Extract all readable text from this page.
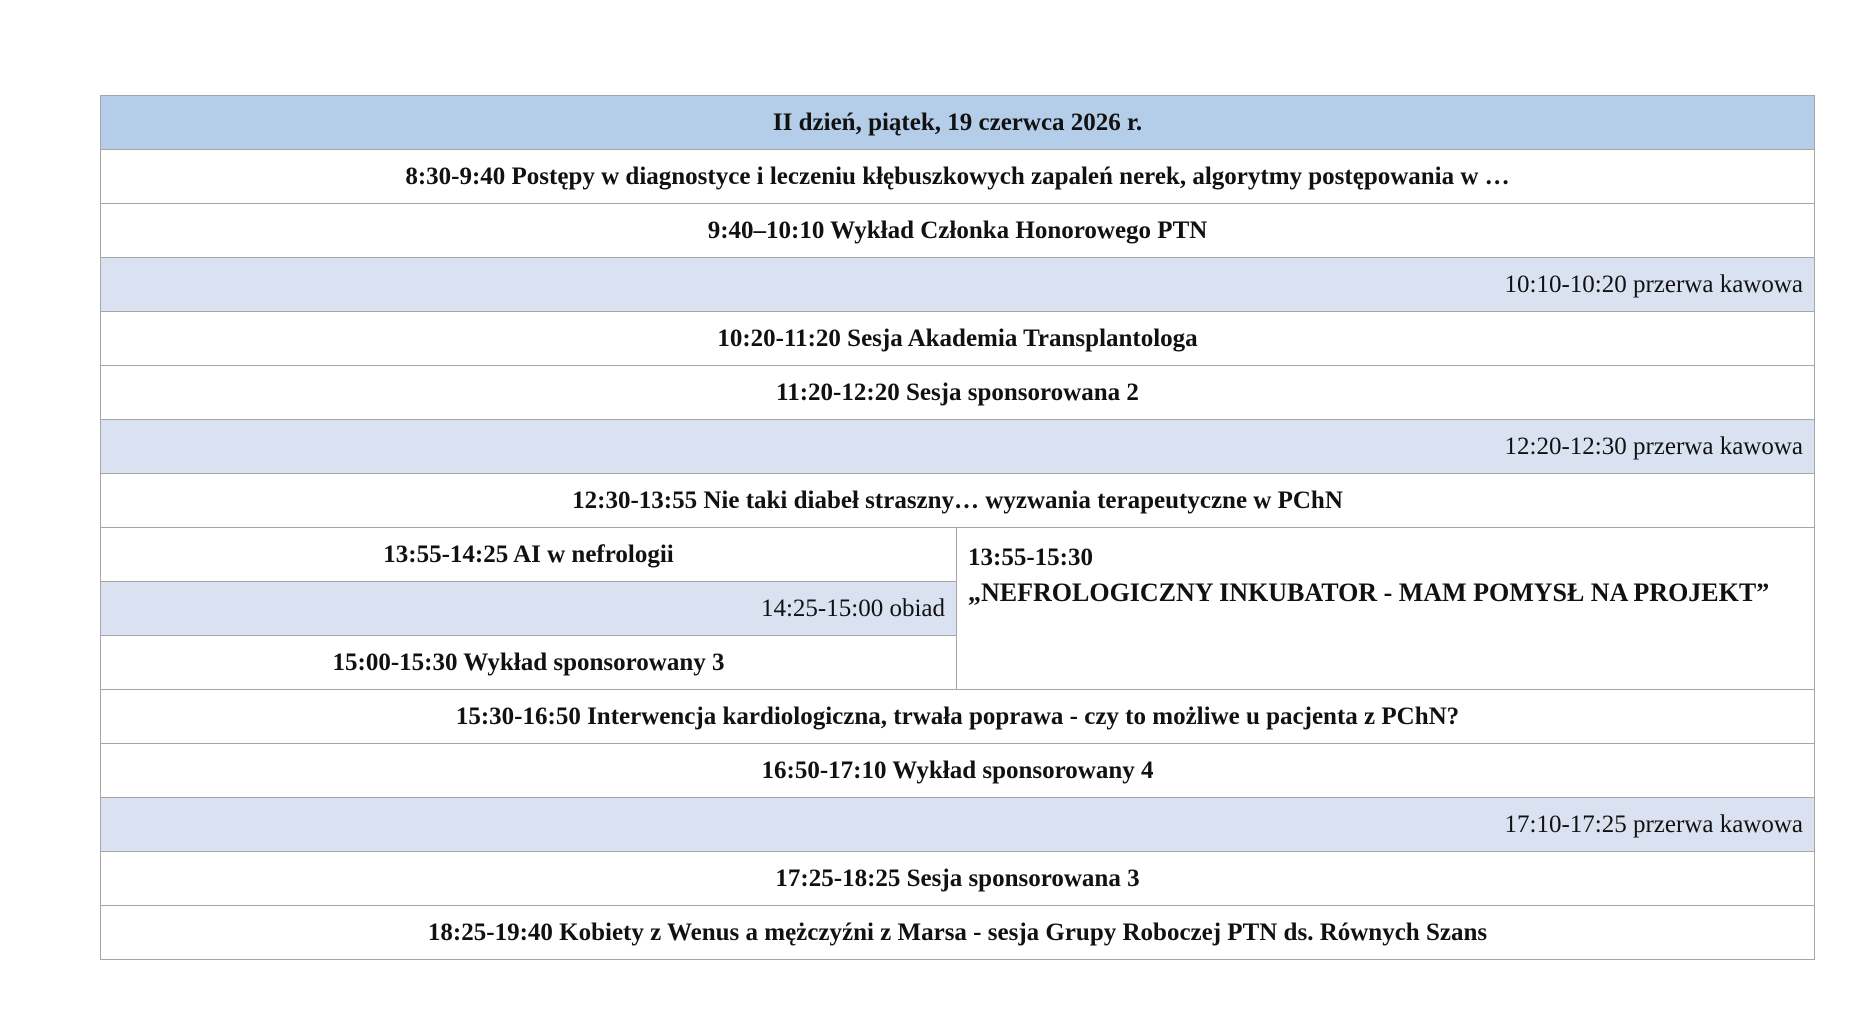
II dzień, piątek, 19 czerwca 2026 r.
8:30-9:40 Postępy w diagnostyce i leczeniu kłębuszkowych zapaleń nerek, algorytmy postępowania w …
9:40–10:10 Wykład Członka Honorowego PTN
10:10-10:20 przerwa kawowa
10:20-11:20 Sesja Akademia Transplantologa
11:20-12:20 Sesja sponsorowana 2
12:20-12:30 przerwa kawowa
12:30-13:55 Nie taki diabeł straszny… wyzwania terapeutyczne w PChN
13:55-14:25 AI w nefrologii	13:55-15:30
„NEFROLOGICZNY INKUBATOR - MAM POMYSŁ NA PROJEKT”

14:25-15:00 obiad
15:00-15:30 Wykład sponsorowany 3
15:30-16:50 Interwencja kardiologiczna, trwała poprawa - czy to możliwe u pacjenta z PChN?
16:50-17:10 Wykład sponsorowany 4
17:10-17:25 przerwa kawowa
17:25-18:25 Sesja sponsorowana 3
18:25-19:40 Kobiety z Wenus a mężczyźni z Marsa - sesja Grupy Roboczej PTN ds. Równych Szans
